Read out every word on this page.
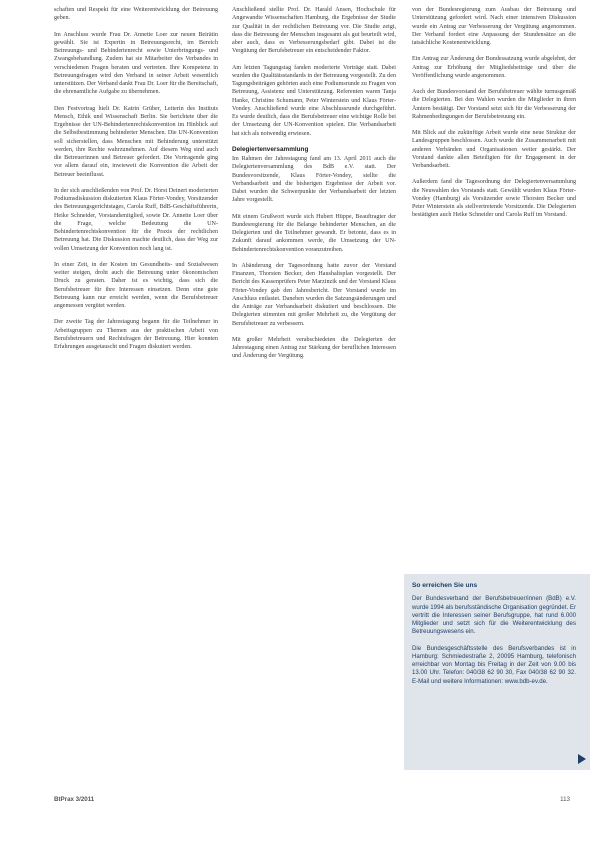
schaften und Respekt für eine Weiterentwicklung der Betreuung geben.

Im Anschluss wurde Frau Dr. Annette Loer zur neuen Beirätin gewählt. Sie ist Expertin in Betreuungsrecht, im Bereich Betreuungs- und Behindertenrecht sowie Unterbringungs- und Zwangsbehandlung. Zudem hat sie Mitarbeiter des Verbandes in verschiedenen Fragen beraten und vertreten. Ihre Kompetenz in Betreuungsfragen wird den Verband in seiner Arbeit wesentlich unterstützen. Der Verband dankt Frau Dr. Loer für die Bereitschaft, die ehrenamtliche Aufgabe zu übernehmen.

Den Festvortrag hielt Dr. Katrin Grüber, Leiterin des Instituts Mensch, Ethik und Wissenschaft Berlin. Sie berichtete über die Ergebnisse der UN-Behindertenrechtskonvention im Hinblick auf die Selbstbestimmung behinderter Menschen. Die UN-Konvention soll sicherstellen, dass Menschen mit Behinderung unterstützt werden, ihre Rechte wahrzunehmen. Auf diesem Weg sind auch die Betreuerinnen und Betreuer gefordert. Die Vortragende ging vor allem darauf ein, inwieweit die Konvention die Arbeit der Betreuer beeinflusst.

In der sich anschließenden von Prof. Dr. Horst Deinert moderierten Podiumsdiskussion diskutierten Klaus Förter-Vondey, Vorsitzender des Betreuungsgerichtstages, Carola Ruff, BdB-Geschäftsführerin, Heike Schneider, Vorstandsmitglied, sowie Dr. Annette Loer über die Frage, welche Bedeutung die UN-Behindertenrechtskonvention für die Praxis der rechtlichen Betreuung hat. Die Diskussion machte deutlich, dass der Weg zur vollen Umsetzung der Konvention noch lang ist.

In einer Zeit, in der Kosten im Gesundheits- und Sozialwesen weiter steigen, droht auch die Betreuung unter ökonomischen Druck zu geraten. Daher ist es wichtig, dass sich die Berufsbetreuer für ihre Interessen einsetzen. Denn eine gute Betreuung kann nur erreicht werden, wenn die Berufsbetreuer angemessen vergütet werden.

Der zweite Tag der Jahrestagung begann für die Teilnehmer in Arbeitsgruppen zu Themen aus der praktischen Arbeit von Berufsbetreuern und Rechtsfragen der Betreuung. Hier konnten Erfahrungen ausgetauscht und Fragen diskutiert werden.

Anschließend stellte Prof. Dr. Harald Ansen, Hochschule für Angewandte Wissenschaften Hamburg, die Ergebnisse der Studie zur Qualität in der rechtlichen Betreuung vor. Die Studie zeigt, dass die Betreuung der Menschen insgesamt als gut beurteilt wird, aber auch, dass es Verbesserungsbedarf gibt. Dabei ist die Vergütung der Berufsbetreuer ein entscheidender Faktor.

Am letzten Tagungstag fanden moderierte Vorträge statt. Dabei wurden die Qualitätsstandards in der Betreuung vorgestellt. Zu den Tagungsbeiträgen gehörten auch eine Podiumsrunde zu Fragen von Betreuung, Assistenz und Unterstützung. Referenten waren Tanja Hanke, Christine Schumann, Peter Winterstein und Klaus Förter-Vondey. Anschließend wurde eine Abschlussrunde durchgeführt. Es wurde deutlich, dass die Berufsbetreuer eine wichtige Rolle bei der Umsetzung der UN-Konvention spielen. Die Verbandsarbeit hat sich als notwendig erwiesen.

Delegiertenversammlung

Im Rahmen der Jahrestagung fand am 13. April 2011 auch die Delegiertenversammlung des BdB e.V. statt. Der Bundesvorsitzende, Klaus Förter-Vondey, stellte die Verbandsarbeit und die bisherigen Ergebnisse der Arbeit vor. Dabei wurden die Schwerpunkte der Verbandsarbeit der letzten Jahre vorgestellt.

Mit einem Grußwort wurde sich Hubert Hüppe, Beauftragter der Bundesregierung für die Belange behinderter Menschen, an die Delegierten und die Teilnehmer gewandt. Er betonte, dass es in Zukunft darauf ankommen werde, die Umsetzung der UN-Behindertenrechtskonvention voranzutreiben.

In Abänderung der Tagesordnung hatte zuvor der Vorstand Finanzen, Thorsten Becker, den Haushaltsplan vorgestellt. Der Bericht des Kassenprüfers Peter Marzinzik und der Vorstand Klaus Förter-Vondey gab den Jahresbericht. Der Vorstand wurde im Anschluss entlastet. Daneben wurden die Satzungsänderungen und die Anträge zur Verbandsarbeit diskutiert und beschlossen. Die Delegierten stimmten mit großer Mehrheit zu, die Vergütung der Berufsbetreuer zu verbessern.

Mit großer Mehrheit verabschiedeten die Delegierten der Jahrestagung einen Antrag zur Stärkung der beruflichen Interessen und Änderung der Vergütung.

von der Bundesregierung zum Ausbau der Betreuung und Unterstützung gefordert wird. Nach einer intensiven Diskussion wurde ein Antrag zur Verbesserung der Vergütung angenommen. Der Verband fordert eine Anpassung der Stundensätze an die tatsächliche Kostenentwicklung.

Ein Antrag zur Änderung der Bundessatzung wurde abgelehnt, der Antrag zur Erhöhung der Mitgliedsbeiträge und über die Veröffentlichung wurde angenommen.

Auch der Bundesvorstand der Berufsbetreuer wählte turnusgemäß die Delegierten. Bei den Wahlen wurden die Mitglieder in ihren Ämtern bestätigt. Der Vorstand setzt sich für die Verbesserung der Rahmenbedingungen der Berufsbetreuung ein.

Mit Blick auf die zukünftige Arbeit wurde eine neue Struktur der Landesgruppen beschlossen. Auch wurde die Zusammenarbeit mit anderen Verbänden und Organisationen weiter gestärkt. Der Vorstand dankte allen Beteiligten für ihr Engagement in der Verbandsarbeit.

Außerdem fand die Tagesordnung der Delegiertenversammlung die Neuwahlen des Vorstands statt. Gewählt wurden Klaus Förter-Vondey (Hamburg) als Vorsitzender sowie Thorsten Becker und Peter Winterstein als stellvertretende Vorsitzende. Die Delegierten bestätigten auch Heike Schneider und Carola Ruff im Vorstand.

So erreichen Sie uns

Der Bundesverband der Berufsbetreuer/innen (BdB) e.V. wurde 1994 als berufsständische Organisation gegründet. Er vertritt die Interessen seiner Berufsgruppe, hat rund 6.000 Mitglieder und setzt sich für die Weiterentwicklung des Betreuungswesens ein.

Die Bundesgeschäftsstelle des Berufsverbandes ist in Hamburg: Schmiedestraße 2, 20095 Hamburg, telefonisch erreichbar von Montag bis Freitag in der Zeit von 9.00 bis 13.00 Uhr. Telefon: 040/38 62 90 30, Fax 040/38 62 90 32. E-Mail und weitere Informationen: www.bdb-ev.de.

BtPrax 3/2011	113
